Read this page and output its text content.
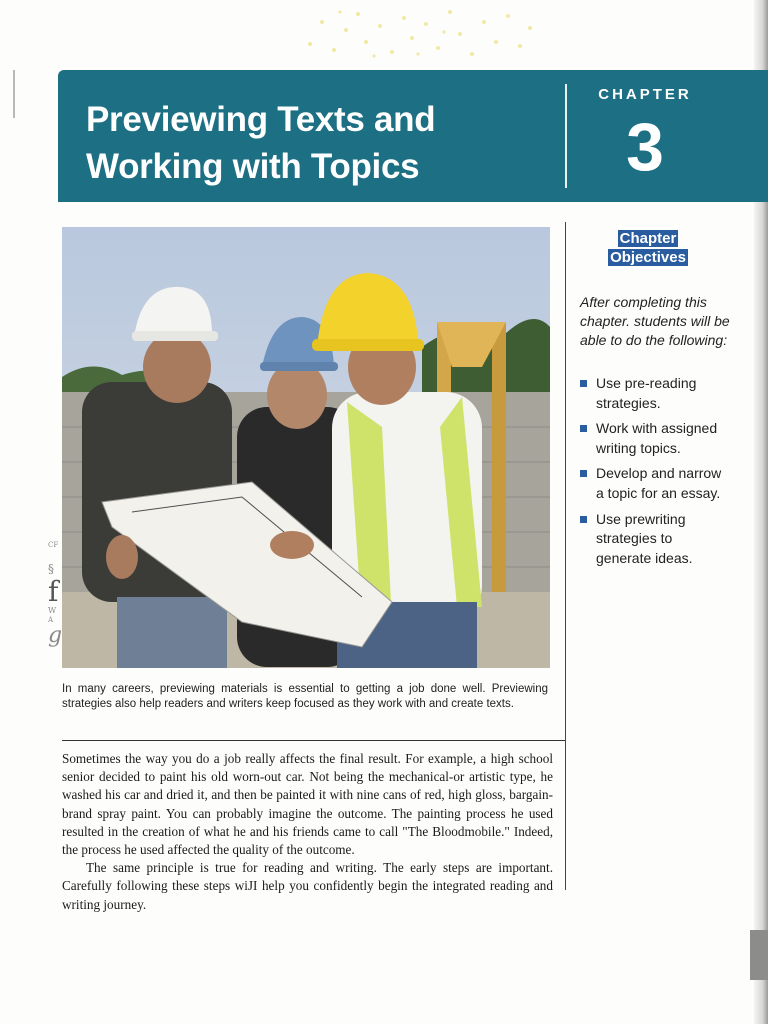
Previewing Texts and Working with Topics
CHAPTER
3
CF
§
f
W
A
g
In many careers, previewing materials is essential to getting a job done well. Previewing strategies also help readers and writers keep focused as they work with and create texts.

Sometimes the way you do a job really affects the final result. For example, a high school senior decided to paint his old worn-out car. Not being the mechanical-or artistic type, he washed his car and dried it, and then be painted it with nine cans of red, high gloss, bargain-brand spray paint. You can probably imagine the outcome. The painting process he used resulted in the creation of what he and his friends came to call "The Bloodmobile." Indeed, the process he used affected the quality of the outcome.

The same principle is true for reading and writing. The early steps are important. Carefully following these steps wiJI help you confidently begin the integrated reading and writing journey.

Chapter
Objectives
After completing this chapter. students will be able to do the following:
Use pre-reading strategies.
Work with assigned writing topics.
Develop and narrow a topic for an essay.
Use prewriting strategies to generate ideas.
